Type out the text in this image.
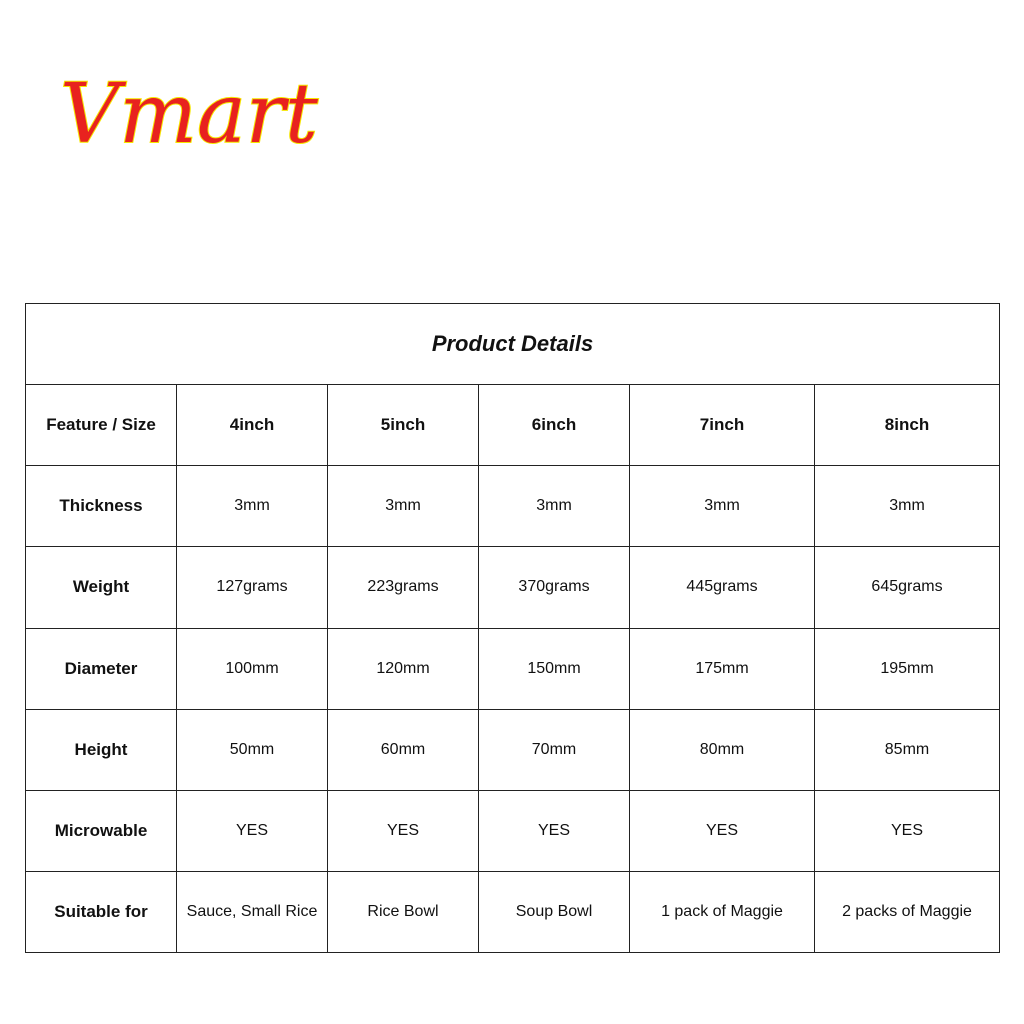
Vmart
Product Details					
Feature / Size	4inch	5inch	6inch	7inch	8inch
Thickness	3mm	3mm	3mm	3mm	3mm
Weight	127grams	223grams	370grams	445grams	645grams
Diameter	100mm	120mm	150mm	175mm	195mm
Height	50mm	60mm	70mm	80mm	85mm
Microwable	YES	YES	YES	YES	YES
Suitable for	Sauce, Small Rice	Rice Bowl	Soup Bowl	1 pack of Maggie	2 packs of Maggie
